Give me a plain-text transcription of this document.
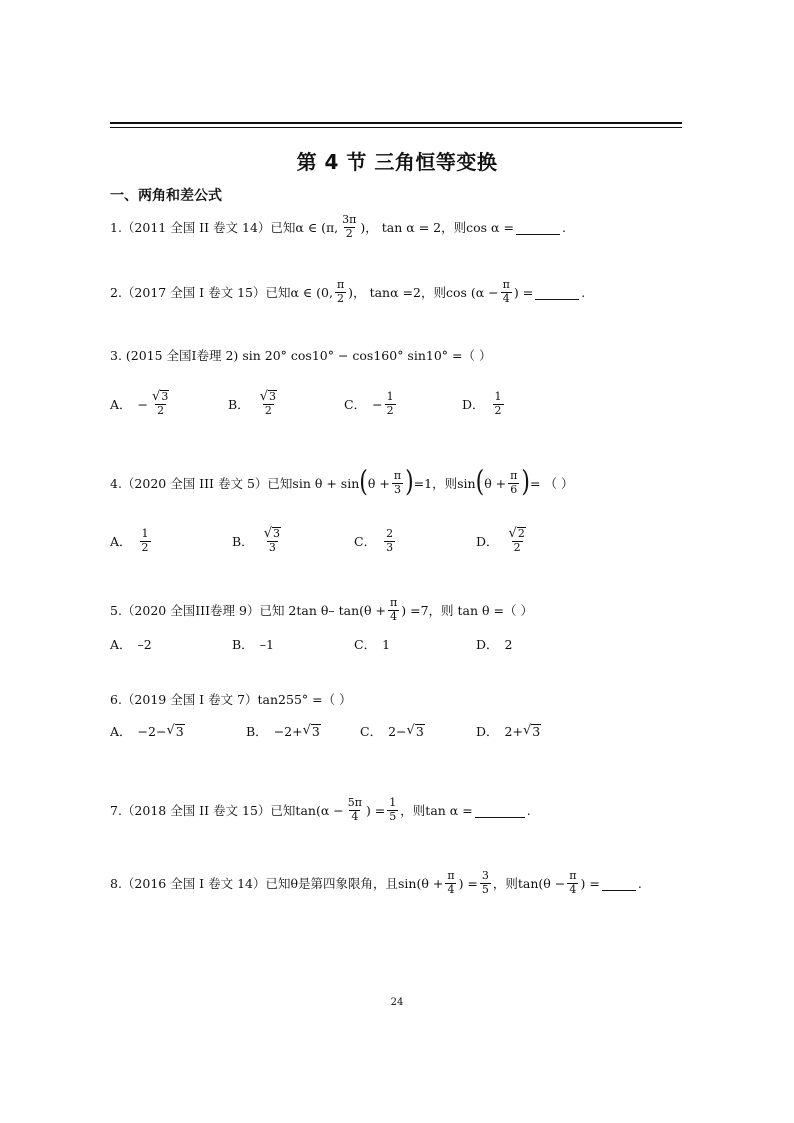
第 4 节 三角恒等变换
一、两角和差公式
1.（2011 全国 II 卷文 14）已知 α ∈ (π, $\frac{3\pi}{2}$ ) ， tan α = 2 ，则 cos α =	.
2.（2017 全国 I 卷文 15）已知 α ∈ (0, $\frac{\pi}{2}$ ) ， tanα =2 ，则 $\cos (\alpha - \frac{\pi}{4}$ ) =	.
3. (2015 全国I卷理 2) sin 20° cos10° − cos160° sin10° = （ ）
A． − $\frac{√ 3}{2}$	B． $\frac{√ 3}{2}$	C． − $\frac{1}{2}$	D． $\frac{1}{2}$
4.（2020 全国 III 卷文 5）已知 sin θ + sin ( $\theta + \frac{\pi}{3}$ ) =1 ，则 sin ( $\theta + \frac{\pi}{6}$ ) = （ ）
A． $\frac{1}{2}$	B． $\frac{√ 3}{3}$	C． $\frac{2}{3}$	D． $\frac{√ 2}{2}$
5.（2020 全国III卷理 9）已知 2tan θ– $\tan(\theta + \frac{\pi}{4}$ ) =7，则 tan θ =（ ）
A． –2	B． –1	C． 1	D． 2
6.（2019 全国 I 卷文 7）tan255° =（ ）
A． −2− √ 3	B． −2+ √ 3	C． 2− √ 3	D． 2+ √ 3
7.（2018 全国 II 卷文 15）已知 $\tan(\alpha - \frac{5\pi}{4}$ ) = $\frac{1}{5}$ ，则 tan α =	.
8.（2016 全国 I 卷文 14）已知θ是第四象限角，且 $\sin(\theta + \frac{\pi}{4}$ ) = $\frac{3}{5}$ ，则 $\tan(\theta - \frac{\pi}{4}$ ) =	.
24
